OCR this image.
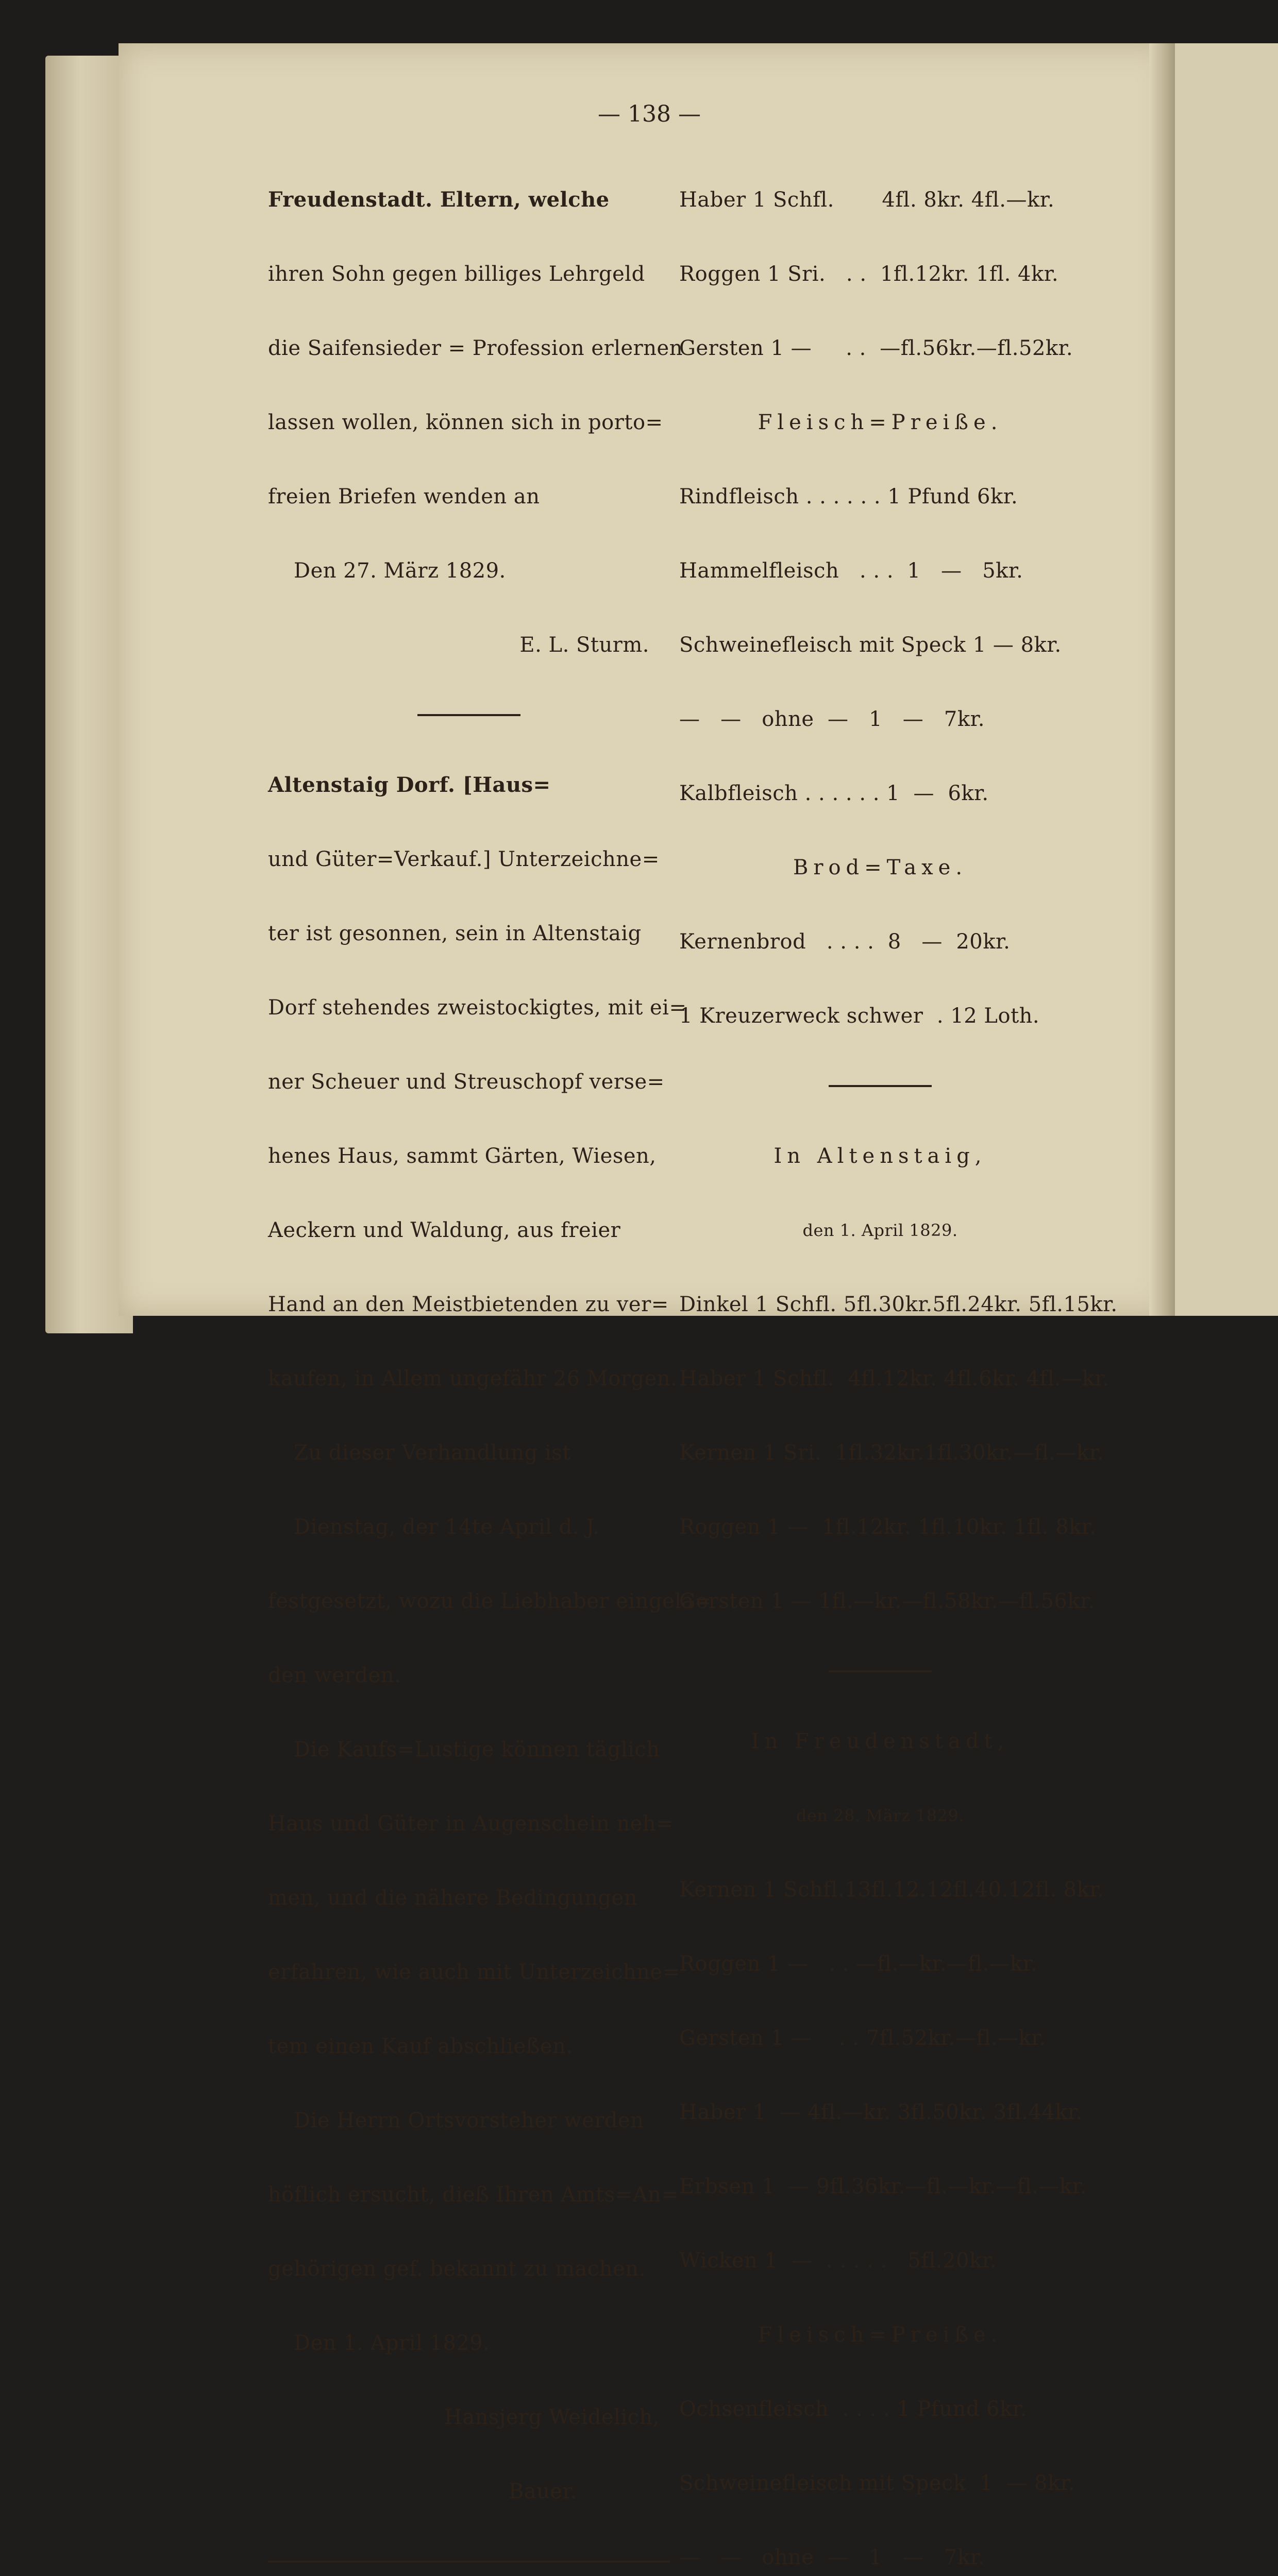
— 138 —

Freudenstadt. Eltern, welche

ihren Sohn gegen billiges Lehrgeld

die Saifensieder = Profession erlernen

lassen wollen, können sich in porto=

freien Briefen wenden an

Den 27. März 1829.

E. L. Sturm.

Altenstaig Dorf. [Haus=

und Güter=Verkauf.] Unterzeichne=

ter ist gesonnen, sein in Altenstaig

Dorf stehendes zweistockigtes, mit ei=

ner Scheuer und Streuschopf verse=

henes Haus, sammt Gärten, Wiesen,

Aeckern und Waldung, aus freier

Hand an den Meistbietenden zu ver=

kaufen, in Allem ungefähr 26 Morgen.

Zu dieser Verhandlung ist

Dienstag, der 14te April d. J.

festgesetzt, wozu die Liebhaber eingela=

den werden.

Die Kaufs=Lustige können täglich

Haus und Güter in Augenschein neh=

men, und die nähere Bedingungen

erfahren, wie auch mit Unterzeichne=

tem einen Kauf abschließen.

Die Herrn Ortsvorsteher werden

höflich ersucht, dieß Ihren Amts=An=

gehörigen gef. bekannt zu machen.

Den 1. April 1829.

Hansjerg Weidelich,

Bauer.

Haber 1 Schfl.       4fl. 8kr. 4fl.—kr.

Roggen 1 Sri.   . .  1fl.12kr. 1fl. 4kr.

Gersten 1 —     . .  —fl.56kr.—fl.52kr.

Fleisch=Preiße.

Rindfleisch . . . . . . 1 Pfund 6kr.

Hammelfleisch   . . .  1   —   5kr.

Schweinefleisch mit Speck 1 — 8kr.

—   —   ohne  —   1   —   7kr.

Kalbfleisch . . . . . . 1  —  6kr.

Brod=Taxe.

Kernenbrod   . . . .  8   —  20kr.

1 Kreuzerweck schwer  . 12 Loth.

In Altenstaig,

den 1. April 1829.

Dinkel 1 Schfl. 5fl.30kr.5fl.24kr. 5fl.15kr.

Haber 1 Schfl.  4fl.12kr. 4fl.6kr. 4fl.—kr.

Kernen 1 Sri.  1fl.32kr.1fl.30kr.—fl.—kr.

Roggen 1 —  1fl.12kr. 1fl.10kr. 1fl. 8kr.

Gersten 1 — 1fl.—kr.—fl.58kr.—fl.56kr.

In Freudenstadt,

den 28. März 1829.

Kernen 1 Schfl.13fl.12.12fl.40.12fl. 8kr.

Roggen 1 —   . . —fl.—kr.—fl.—kr.

Gersten 1 —    . . 7fl.52kr.—fl.—kr.

Haber 1  — 4fl.—kr. 3fl.50kr. 3fl.44kr.

Erbsen 1  — 9fl.36kr.—fl.—kr.—fl.—kr.

Wicken 1  —  . . . . .   5fl.20kr.

Fleisch=Preiße.

Ochsenfleisch  . . . . 1 Pfund 6kr.

Schweinefleisch mit Speck  1  — 8kr.

—   —   ohne  —   1   —   7kr.
